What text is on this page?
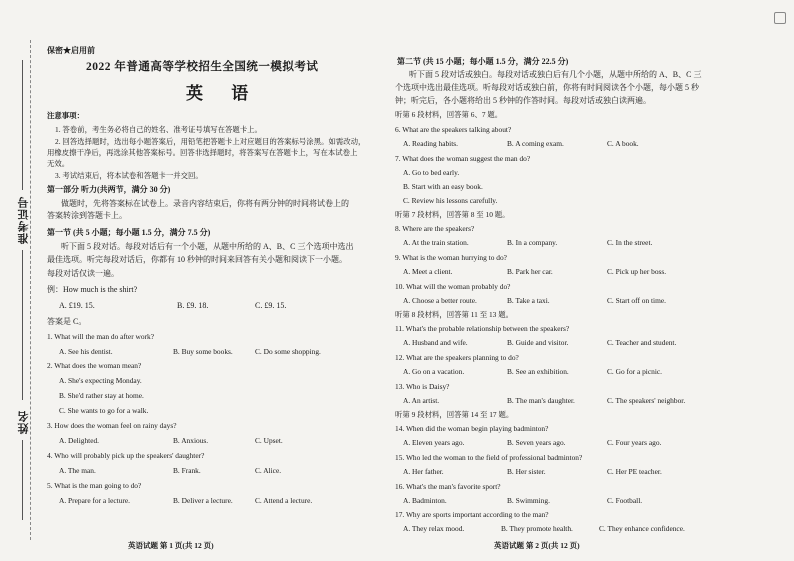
准考证号
姓名
保密★启用前
2022 年普通高等学校招生全国统一模拟考试
英 语
注意事项：
1. 答卷前，考生务必将自己的姓名、准考证号填写在答题卡上。
2. 回答选择题时，选出每小题答案后，用铅笔把答题卡上对应题目的答案标号涂黑。如需改动，
用橡皮擦干净后，再选涂其他答案标号。回答非选择题时，将答案写在答题卡上，写在本试卷上
无效。
3. 考试结束后，将本试卷和答题卡一并交回。
第一部分 听力(共两节，满分 30 分)
做题时，先将答案标在试卷上。录音内容结束后，你将有两分钟的时间将试卷上的
答案转涂到答题卡上。
第一节 (共 5 小题；每小题 1.5 分，满分 7.5 分)
听下面 5 段对话。每段对话后有一个小题，从题中所给的 A、B、C 三个选项中选出
最佳选项。听完每段对话后，你都有 10 秒钟的时间来回答有关小题和阅读下一小题。
每段对话仅读一遍。
例：How much is the shirt?
A. £19. 15.	B. £9. 18.	C. £9. 15.
答案是 C。
1. What will the man do after work?
A. See his dentist.	B. Buy some books.	C. Do some shopping.
2. What does the woman mean?
A. She's expecting Monday.
B. She'd rather stay at home.
C. She wants to go for a walk.
3. How does the woman feel on rainy days?
A. Delighted.	B. Anxious.	C. Upset.
4. Who will probably pick up the speakers' daughter?
A. The man.	B. Frank.	C. Alice.
5. What is the man going to do?
A. Prepare for a lecture.	B. Deliver a lecture.	C. Attend a lecture.
第二节 (共 15 小题；每小题 1.5 分，满分 22.5 分)
听下面 5 段对话或独白。每段对话或独白后有几个小题，从题中所给的 A、B、C 三
个选项中选出最佳选项。听每段对话或独白前，你将有时间阅读各个小题，每小题 5 秒
钟；听完后，各小题将给出 5 秒钟的作答时间。每段对话或独白读两遍。
听第 6 段材料，回答第 6、7 题。
6. What are the speakers talking about?
A. Reading habits.	B. A coming exam.	C. A book.
7. What does the woman suggest the man do?
A. Go to bed early.
B. Start with an easy book.
C. Review his lessons carefully.
听第 7 段材料，回答第 8 至 10 题。
8. Where are the speakers?
A. At the train station.	B. In a company.	C. In the street.
9. What is the woman hurrying to do?
A. Meet a client.	B. Park her car.	C. Pick up her boss.
10. What will the woman probably do?
A. Choose a better route.	B. Take a taxi.	C. Start off on time.
听第 8 段材料，回答第 11 至 13 题。
11. What's the probable relationship between the speakers?
A. Husband and wife.	B. Guide and visitor.	C. Teacher and student.
12. What are the speakers planning to do?
A. Go on a vacation.	B. See an exhibition.	C. Go for a picnic.
13. Who is Daisy?
A. An artist.	B. The man's daughter.	C. The speakers' neighbor.
听第 9 段材料，回答第 14 至 17 题。
14. When did the woman begin playing badminton?
A. Eleven years ago.	B. Seven years ago.	C. Four years ago.
15. Who led the woman to the field of professional badminton?
A. Her father.	B. Her sister.	C. Her PE teacher.
16. What's the man's favorite sport?
A. Badminton.	B. Swimming.	C. Football.
17. Why are sports important according to the man?
A. They relax mood.	B. They promote health.	C. They enhance confidence.
英语试题 第 1 页(共 12 页)	英语试题 第 2 页(共 12 页)
